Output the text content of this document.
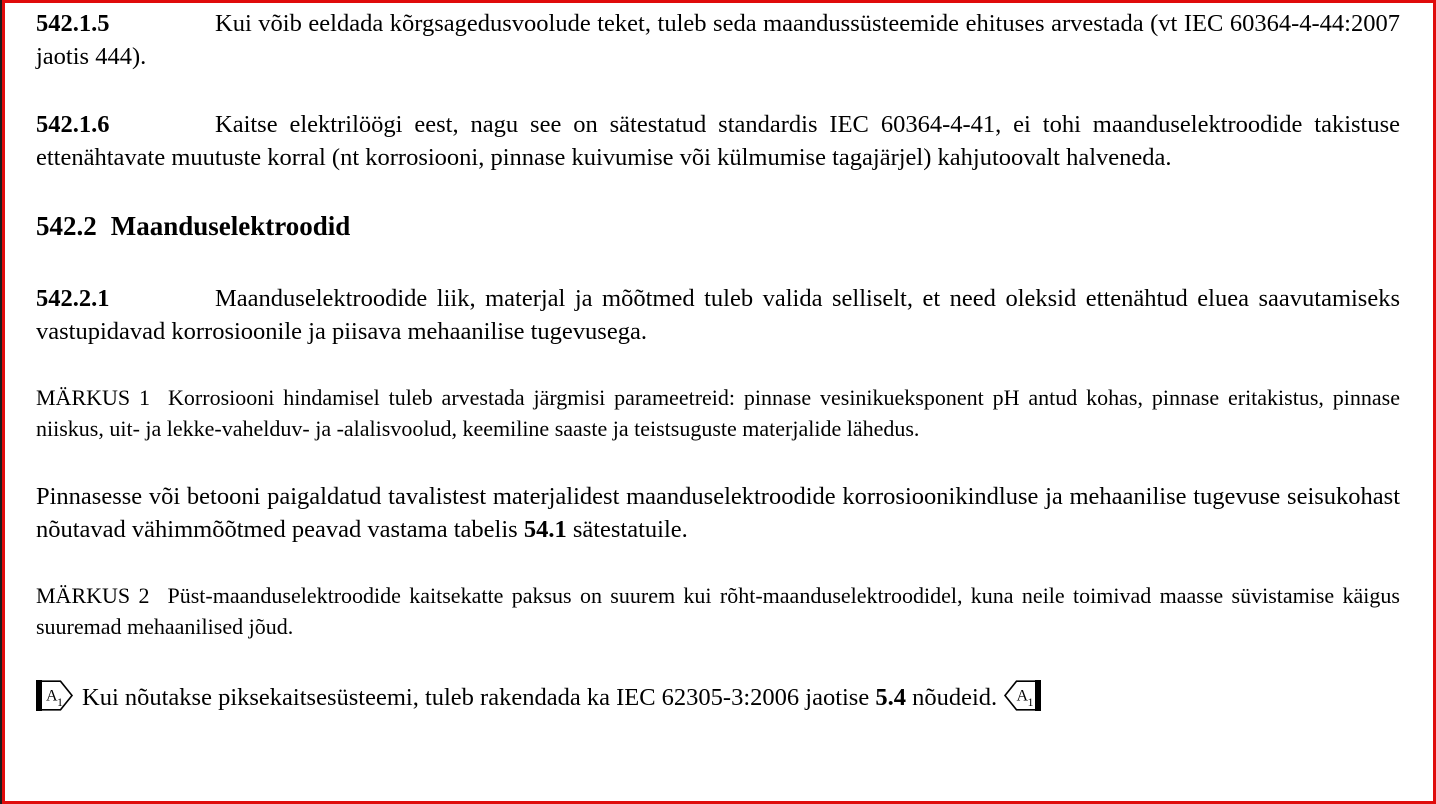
542.1.5	Kui võib eeldada kõrgsagedusvoolude teket, tuleb seda maandussüsteemide ehituses arvestada (vt IEC 60364-4-44:2007 jaotis 444).

542.1.6	Kaitse elektrilöögi eest, nagu see on sätestatud standardis IEC 60364-4-41, ei tohi maanduselektroodide takistuse ettenähtavate muutuste korral (nt korrosiooni, pinnase kuivumise või külmumise tagajärjel) kahjutoovalt halveneda.

542.2 Maanduselektroodid

542.2.1	Maanduselektroodide liik, materjal ja mõõtmed tuleb valida selliselt, et need oleksid ettenähtud eluea saavutamiseks vastupidavad korrosioonile ja piisava mehaanilise tugevusega.

MÄRKUS 1 Korrosiooni hindamisel tuleb arvestada järgmisi parameetreid: pinnase vesinikueksponent pH antud kohas, pinnase eritakistus, pinnase niiskus, uit- ja lekke-vahelduv- ja -alalisvoolud, keemiline saaste ja teistsuguste materjalide lähedus.

Pinnasesse või betooni paigaldatud tavalistest materjalidest maanduselektroodide korrosioonikindluse ja mehaanilise tugevuse seisukohast nõutavad vähimmõõtmed peavad vastama tabelis 54.1 sätestatuile.

MÄRKUS 2 Püst-maanduselektroodide kaitsekatte paksus on suurem kui rõht-maanduselektroodidel, kuna neile toimivad maasse süvistamise käigus suuremad mehaanilised jõud.

A 1 Kui nõutakse piksekaitsesüsteemi, tuleb rakendada ka IEC 62305-3:2006 jaotise 5.4 nõudeid. A 1
